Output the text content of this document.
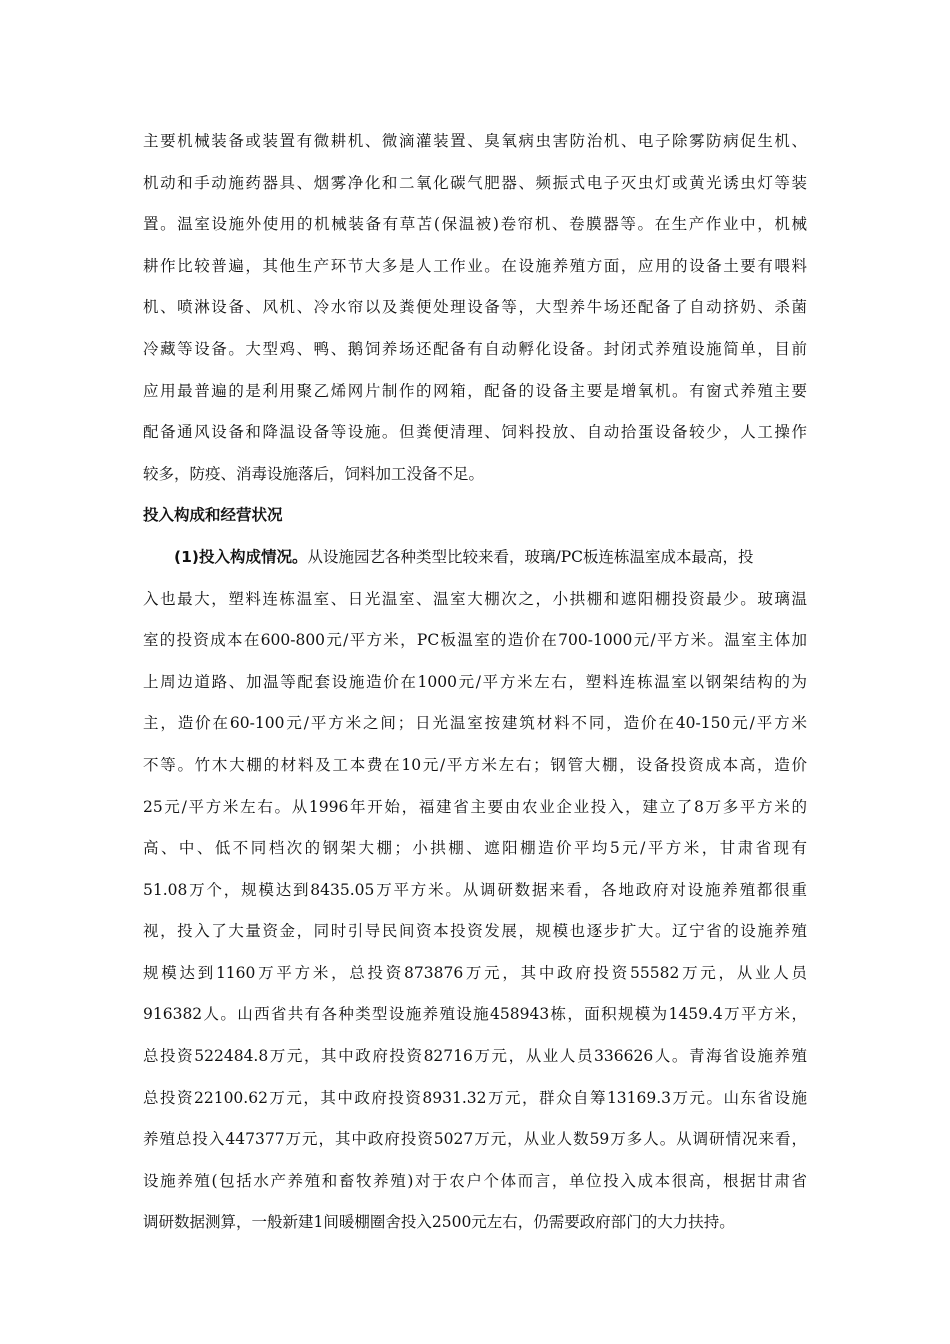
主要机械装备或装置有微耕机、微滴灌装置、臭氧病虫害防治机、电子除雾防病促生机、
机动和手动施药器具、烟雾净化和二氧化碳气肥器、频振式电子灭虫灯或黄光诱虫灯等装
置。温室设施外使用的机械装备有草苫(保温被)卷帘机、卷膜器等。在生产作业中，机械
耕作比较普遍，其他生产环节大多是人工作业。在设施养殖方面，应用的设备土要有喂料
机、喷淋设备、风机、冷水帘以及粪便处理设备等，大型养牛场还配备了自动挤奶、杀菌
冷藏等设备。大型鸡、鸭、鹅饲养场还配备有自动孵化设备。封闭式养殖设施简单，目前
应用最普遍的是利用聚乙烯网片制作的网箱，配备的设备主要是增氧机。有窗式养殖主要
配备通风设备和降温设备等设施。但粪便清理、饲料投放、自动拾蛋设备较少，人工操作
较多，防疫、消毒设施落后，饲料加工没备不足。
投入构成和经营状况
(1)投入构成情况。从设施园艺各种类型比较来看，玻璃/PC板连栋温室成本最高，投
入也最大，塑料连栋温室、日光温室、温室大棚次之，小拱棚和遮阳棚投资最少。玻璃温
室的投资成本在600-800元/平方米，PC板温室的造价在700-1000元/平方米。温室主体加
上周边道路、加温等配套设施造价在1000元/平方米左右，塑料连栋温室以钢架结构的为
主，造价在60-100元/平方米之间；日光温室按建筑材料不同，造价在40-150元/平方米
不等。竹木大棚的材料及工本费在10元/平方米左右；钢管大棚，设备投资成本高，造价
25元/平方米左右。从1996年开始，福建省主要由农业企业投入，建立了8万多平方米的
高、中、低不同档次的钢架大棚；小拱棚、遮阳棚造价平均5元/平方米，甘肃省现有
51.08万个，规模达到8435.05万平方米。从调研数据来看，各地政府对设施养殖都很重
视，投入了大量资金，同时引导民间资本投资发展，规模也逐步扩大。辽宁省的设施养殖
规模达到1160万平方米，总投资873876万元，其中政府投资55582万元，从业人员
916382人。山西省共有各种类型设施养殖设施458943栋，面积规模为1459.4万平方米，
总投资522484.8万元，其中政府投资82716万元，从业人员336626人。青海省设施养殖
总投资22100.62万元，其中政府投资8931.32万元，群众自筹13169.3万元。山东省设施
养殖总投入447377万元，其中政府投资5027万元，从业人数59万多人。从调研情况来看，
设施养殖(包括水产养殖和畜牧养殖)对于农户个体而言，单位投入成本很高，根据甘肃省
调研数据测算，一般新建1间暖棚圈舍投入2500元左右，仍需要政府部门的大力扶持。
